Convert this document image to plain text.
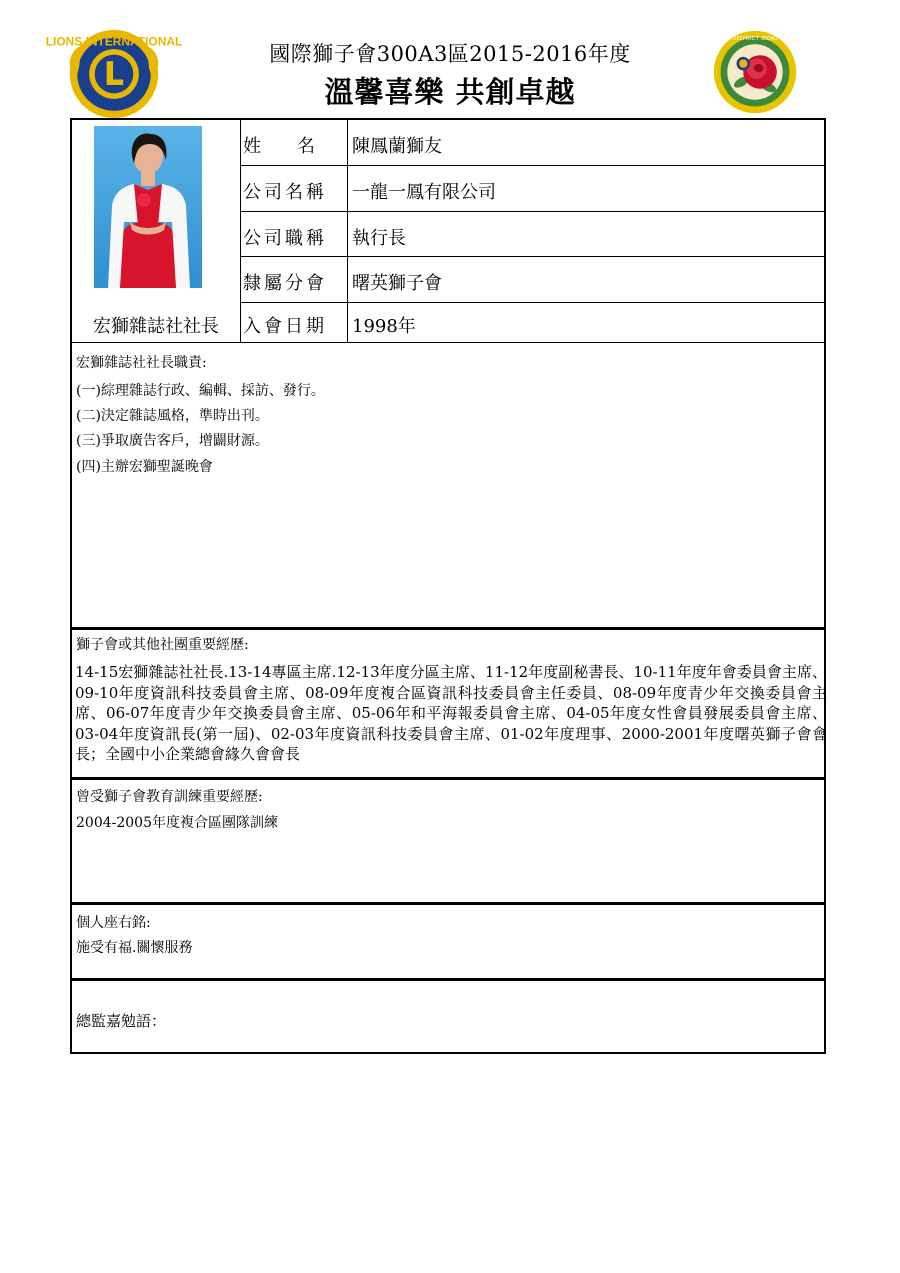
LIONS INTERNATIONAL
國際獅子會300A3區2015-2016年度
溫馨喜樂 共創卓越
DISTRICT 300A3
宏獅雜誌社社長
姓　　名	陳鳳蘭獅友
公司名稱	一龍一鳳有限公司
公司職稱	執行長
隸屬分會	曙英獅子會
入會日期	1998年
宏獅雜誌社社長職責:
(一)綜理雜誌行政、編輯、採訪、發行。
(二)決定雜誌風格，準時出刊。
(三)爭取廣告客戶，增闢財源。
(四)主辦宏獅聖誕晚會
獅子會或其他社團重要經歷:
14-15宏獅雜誌社社長.13-14專區主席.12-13年度分區主席、11-12年度副秘書長、10-11年度年會委員會主席、09-10年度資訊科技委員會主席、08-09年度複合區資訊科技委員會主任委員、08-09年度青少年交換委員會主席、06-07年度青少年交換委員會主席、05-06年和平海報委員會主席、04-05年度女性會員發展委員會主席、03-04年度資訊長(第一屆)、02-03年度資訊科技委員會主席、01-02年度理事、2000-2001年度曙英獅子會會長；全國中小企業總會緣久會會長
曾受獅子會教育訓練重要經歷:
2004-2005年度複合區團隊訓練
個人座右銘:
施受有福.關懷服務
總監嘉勉語：
